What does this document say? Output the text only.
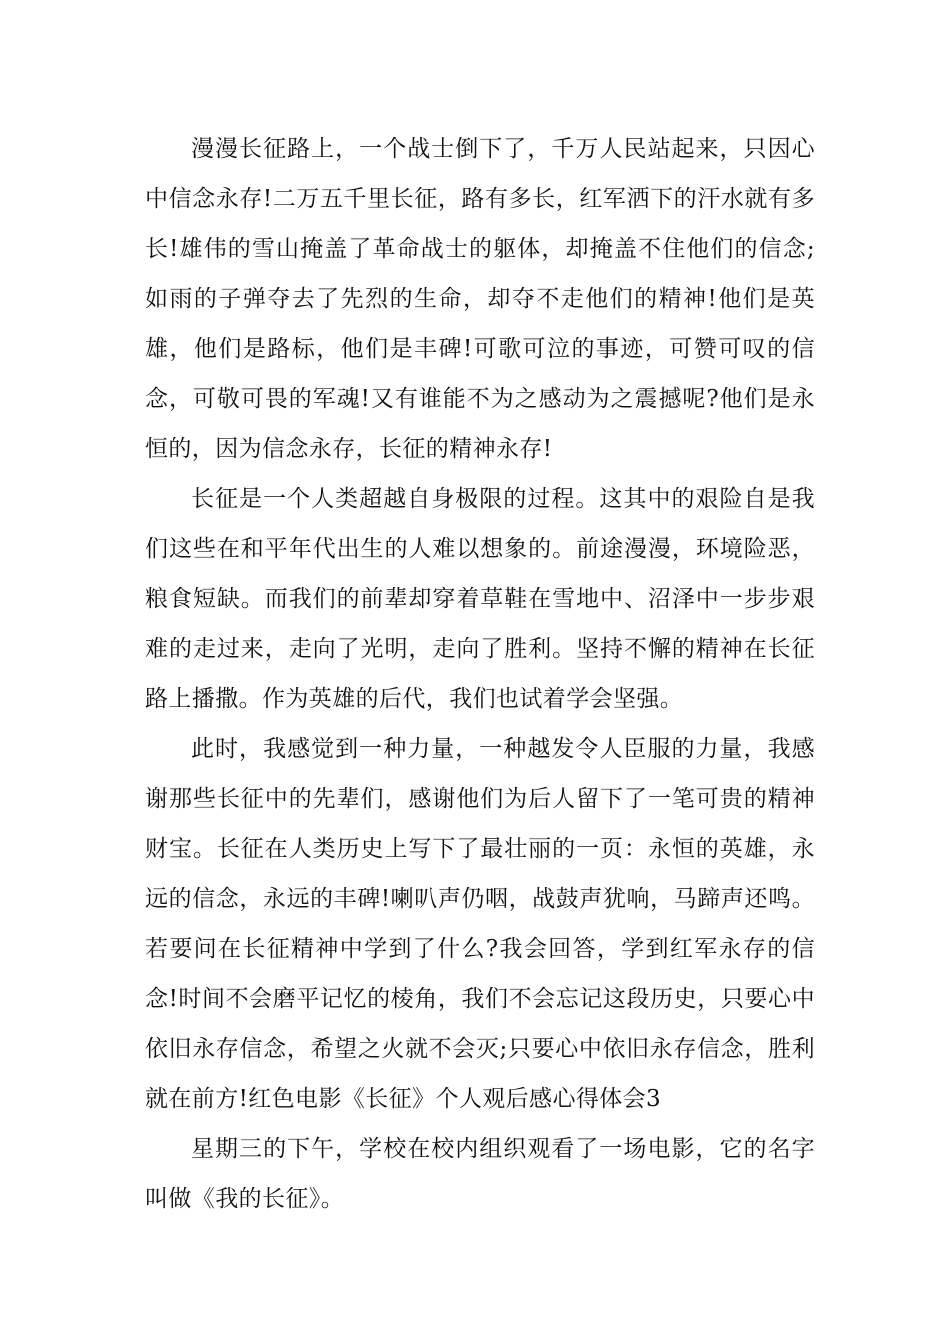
漫漫长征路上，一个战士倒下了，千万人民站起来，只因心中信念永存!二万五千里长征，路有多长，红军洒下的汗水就有多长!雄伟的雪山掩盖了革命战士的躯体，却掩盖不住他们的信念;如雨的子弹夺去了先烈的生命，却夺不走他们的精神!他们是英雄，他们是路标，他们是丰碑!可歌可泣的事迹，可赞可叹的信念，可敬可畏的军魂!又有谁能不为之感动为之震撼呢?他们是永恒的，因为信念永存，长征的精神永存!

长征是一个人类超越自身极限的过程。这其中的艰险自是我们这些在和平年代出生的人难以想象的。前途漫漫，环境险恶，粮食短缺。而我们的前辈却穿着草鞋在雪地中、沼泽中一步步艰难的走过来，走向了光明，走向了胜利。坚持不懈的精神在长征路上播撒。作为英雄的后代，我们也试着学会坚强。

此时，我感觉到一种力量，一种越发令人臣服的力量，我感谢那些长征中的先辈们，感谢他们为后人留下了一笔可贵的精神财宝。长征在人类历史上写下了最壮丽的一页：永恒的英雄，永远的信念，永远的丰碑!喇叭声仍咽，战鼓声犹响，马蹄声还鸣。若要问在长征精神中学到了什么?我会回答，学到红军永存的信念!时间不会磨平记忆的棱角，我们不会忘记这段历史，只要心中依旧永存信念，希望之火就不会灭;只要心中依旧永存信念，胜利就在前方!红色电影《长征》个人观后感心得体会3

星期三的下午，学校在校内组织观看了一场电影，它的名字叫做《我的长征》。
